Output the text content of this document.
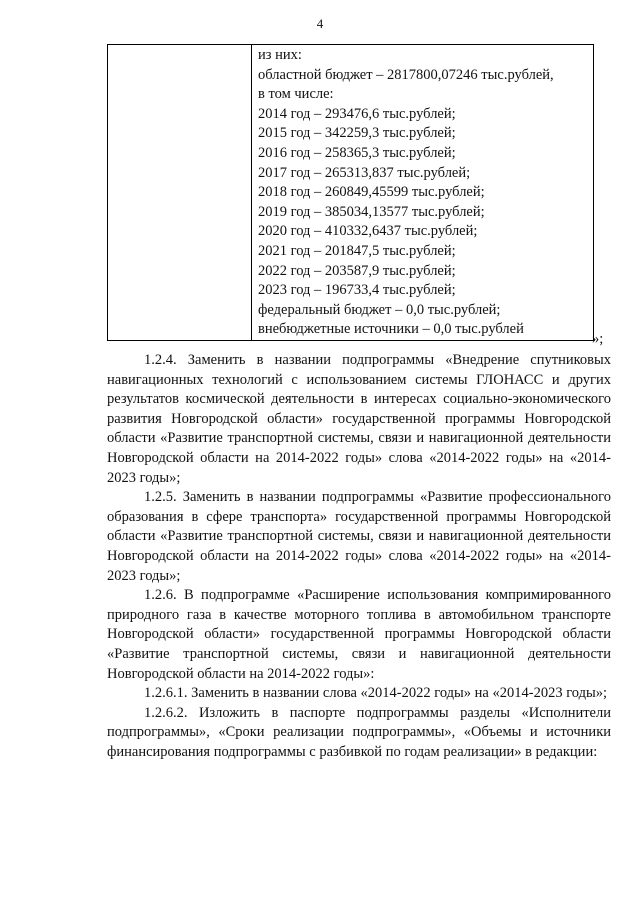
4

из них:
областной бюджет – 2817800,07246 тыс.рублей,
в том числе:
2014 год – 293476,6 тыс.рублей;
2015 год – 342259,3 тыс.рублей;
2016 год – 258365,3 тыс.рублей;
2017 год – 265313,837 тыс.рублей;
2018 год – 260849,45599 тыс.рублей;
2019 год – 385034,13577 тыс.рублей;
2020 год – 410332,6437 тыс.рублей;
2021 год – 201847,5 тыс.рублей;
2022 год – 203587,9 тыс.рублей;
2023 год – 196733,4 тыс.рублей;
федеральный бюджет – 0,0 тыс.рублей;
внебюджетные источники – 0,0 тыс.рублей
»;

1.2.4. Заменить в названии подпрограммы «Внедрение спутниковых навигационных технологий с использованием системы ГЛОНАСС и других результатов космической деятельности в интересах социально-экономического развития Новгородской области» государственной программы Новгородской области «Развитие транспортной системы, связи и навигационной деятельности Новгородской области на 2014-2022 годы» слова «2014-2022 годы» на «2014-2023 годы»;

1.2.5. Заменить в названии подпрограммы «Развитие профессионального образования в сфере транспорта» государственной программы Новгородской области «Развитие транспортной системы, связи и навигационной деятельности Новгородской области на 2014-2022 годы» слова «2014-2022 годы» на «2014-2023 годы»;

1.2.6. В подпрограмме «Расширение использования компримированного природного газа в качестве моторного топлива в автомобильном транспорте Новгородской области» государственной программы Новгородской области «Развитие транспортной системы, связи и навигационной деятельности Новгородской области на 2014-2022 годы»:

1.2.6.1. Заменить в названии слова «2014-2022 годы» на «2014-2023 годы»;

1.2.6.2. Изложить в паспорте подпрограммы разделы «Исполнители подпрограммы», «Сроки реализации подпрограммы», «Объемы и источники финансирования подпрограммы с разбивкой по годам реализации» в редакции:
